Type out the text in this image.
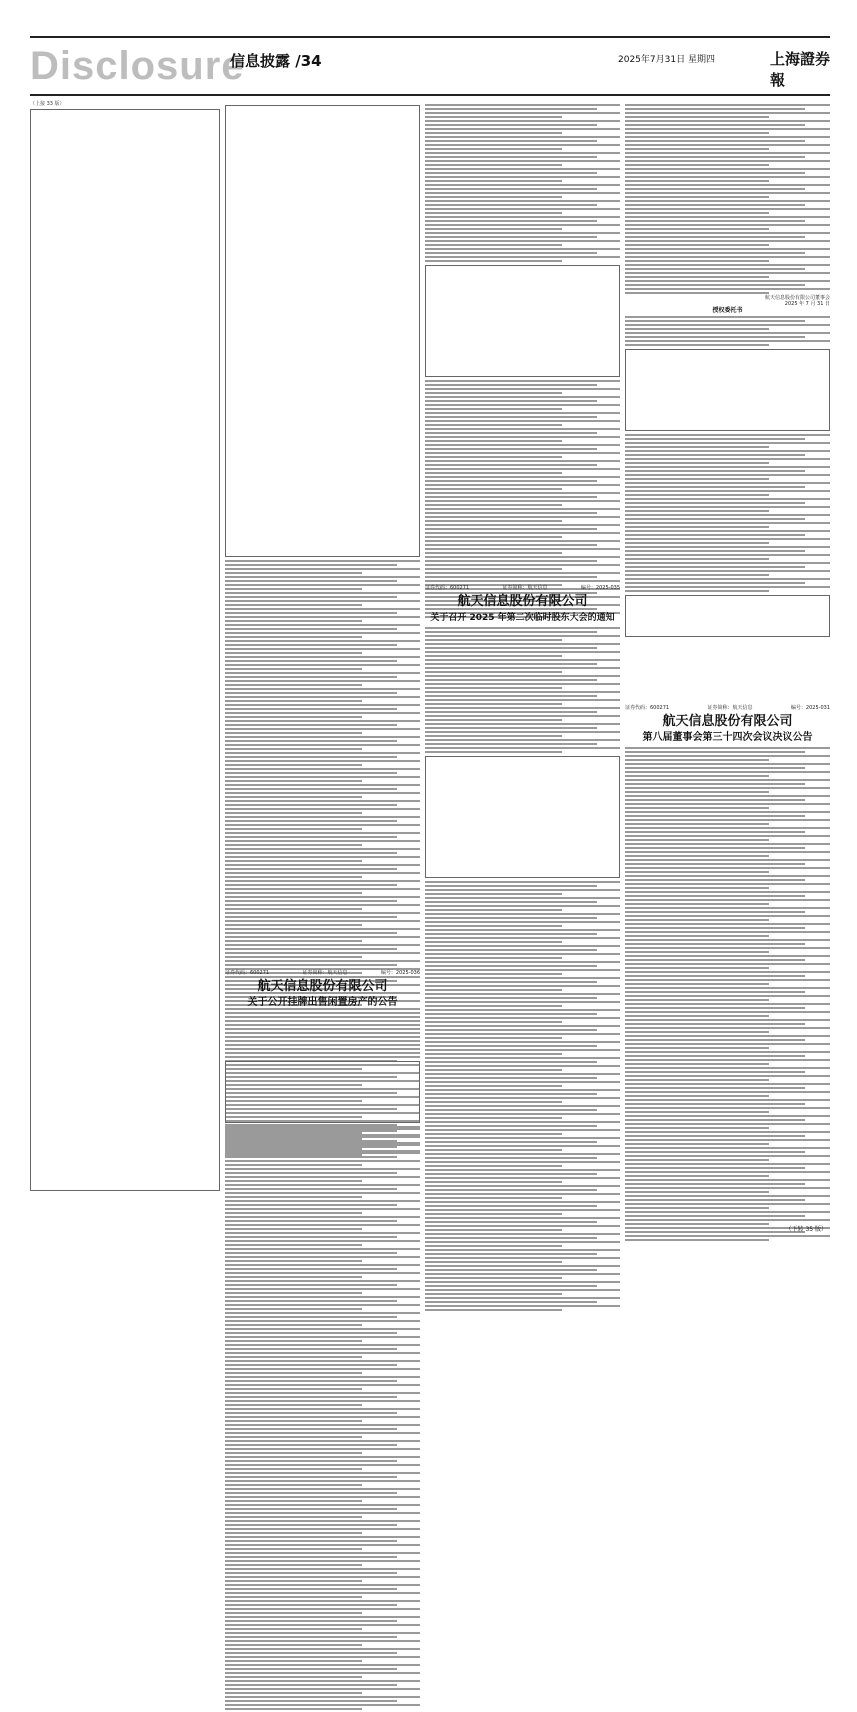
Disclosure
信息披露 /34	2025年7月31日 星期四	上海證券報
（上接 33 版）
证券代码：600271	证券简称：航天信息	编号：2025-036
航天信息股份有限公司
关于公开挂牌出售闲置房产的公告
证券代码：600271	证券简称：航天信息	编号：2025-035
航天信息股份有限公司
关于召开 2025 年第二次临时股东大会的通知
航天信息股份有限公司董事会
2025 年 7 月 31 日
授权委托书
证券代码：600271	证券简称：航天信息	编号：2025-031
航天信息股份有限公司
第八届董事会第三十四次会议决议公告
（下转 35 版）
